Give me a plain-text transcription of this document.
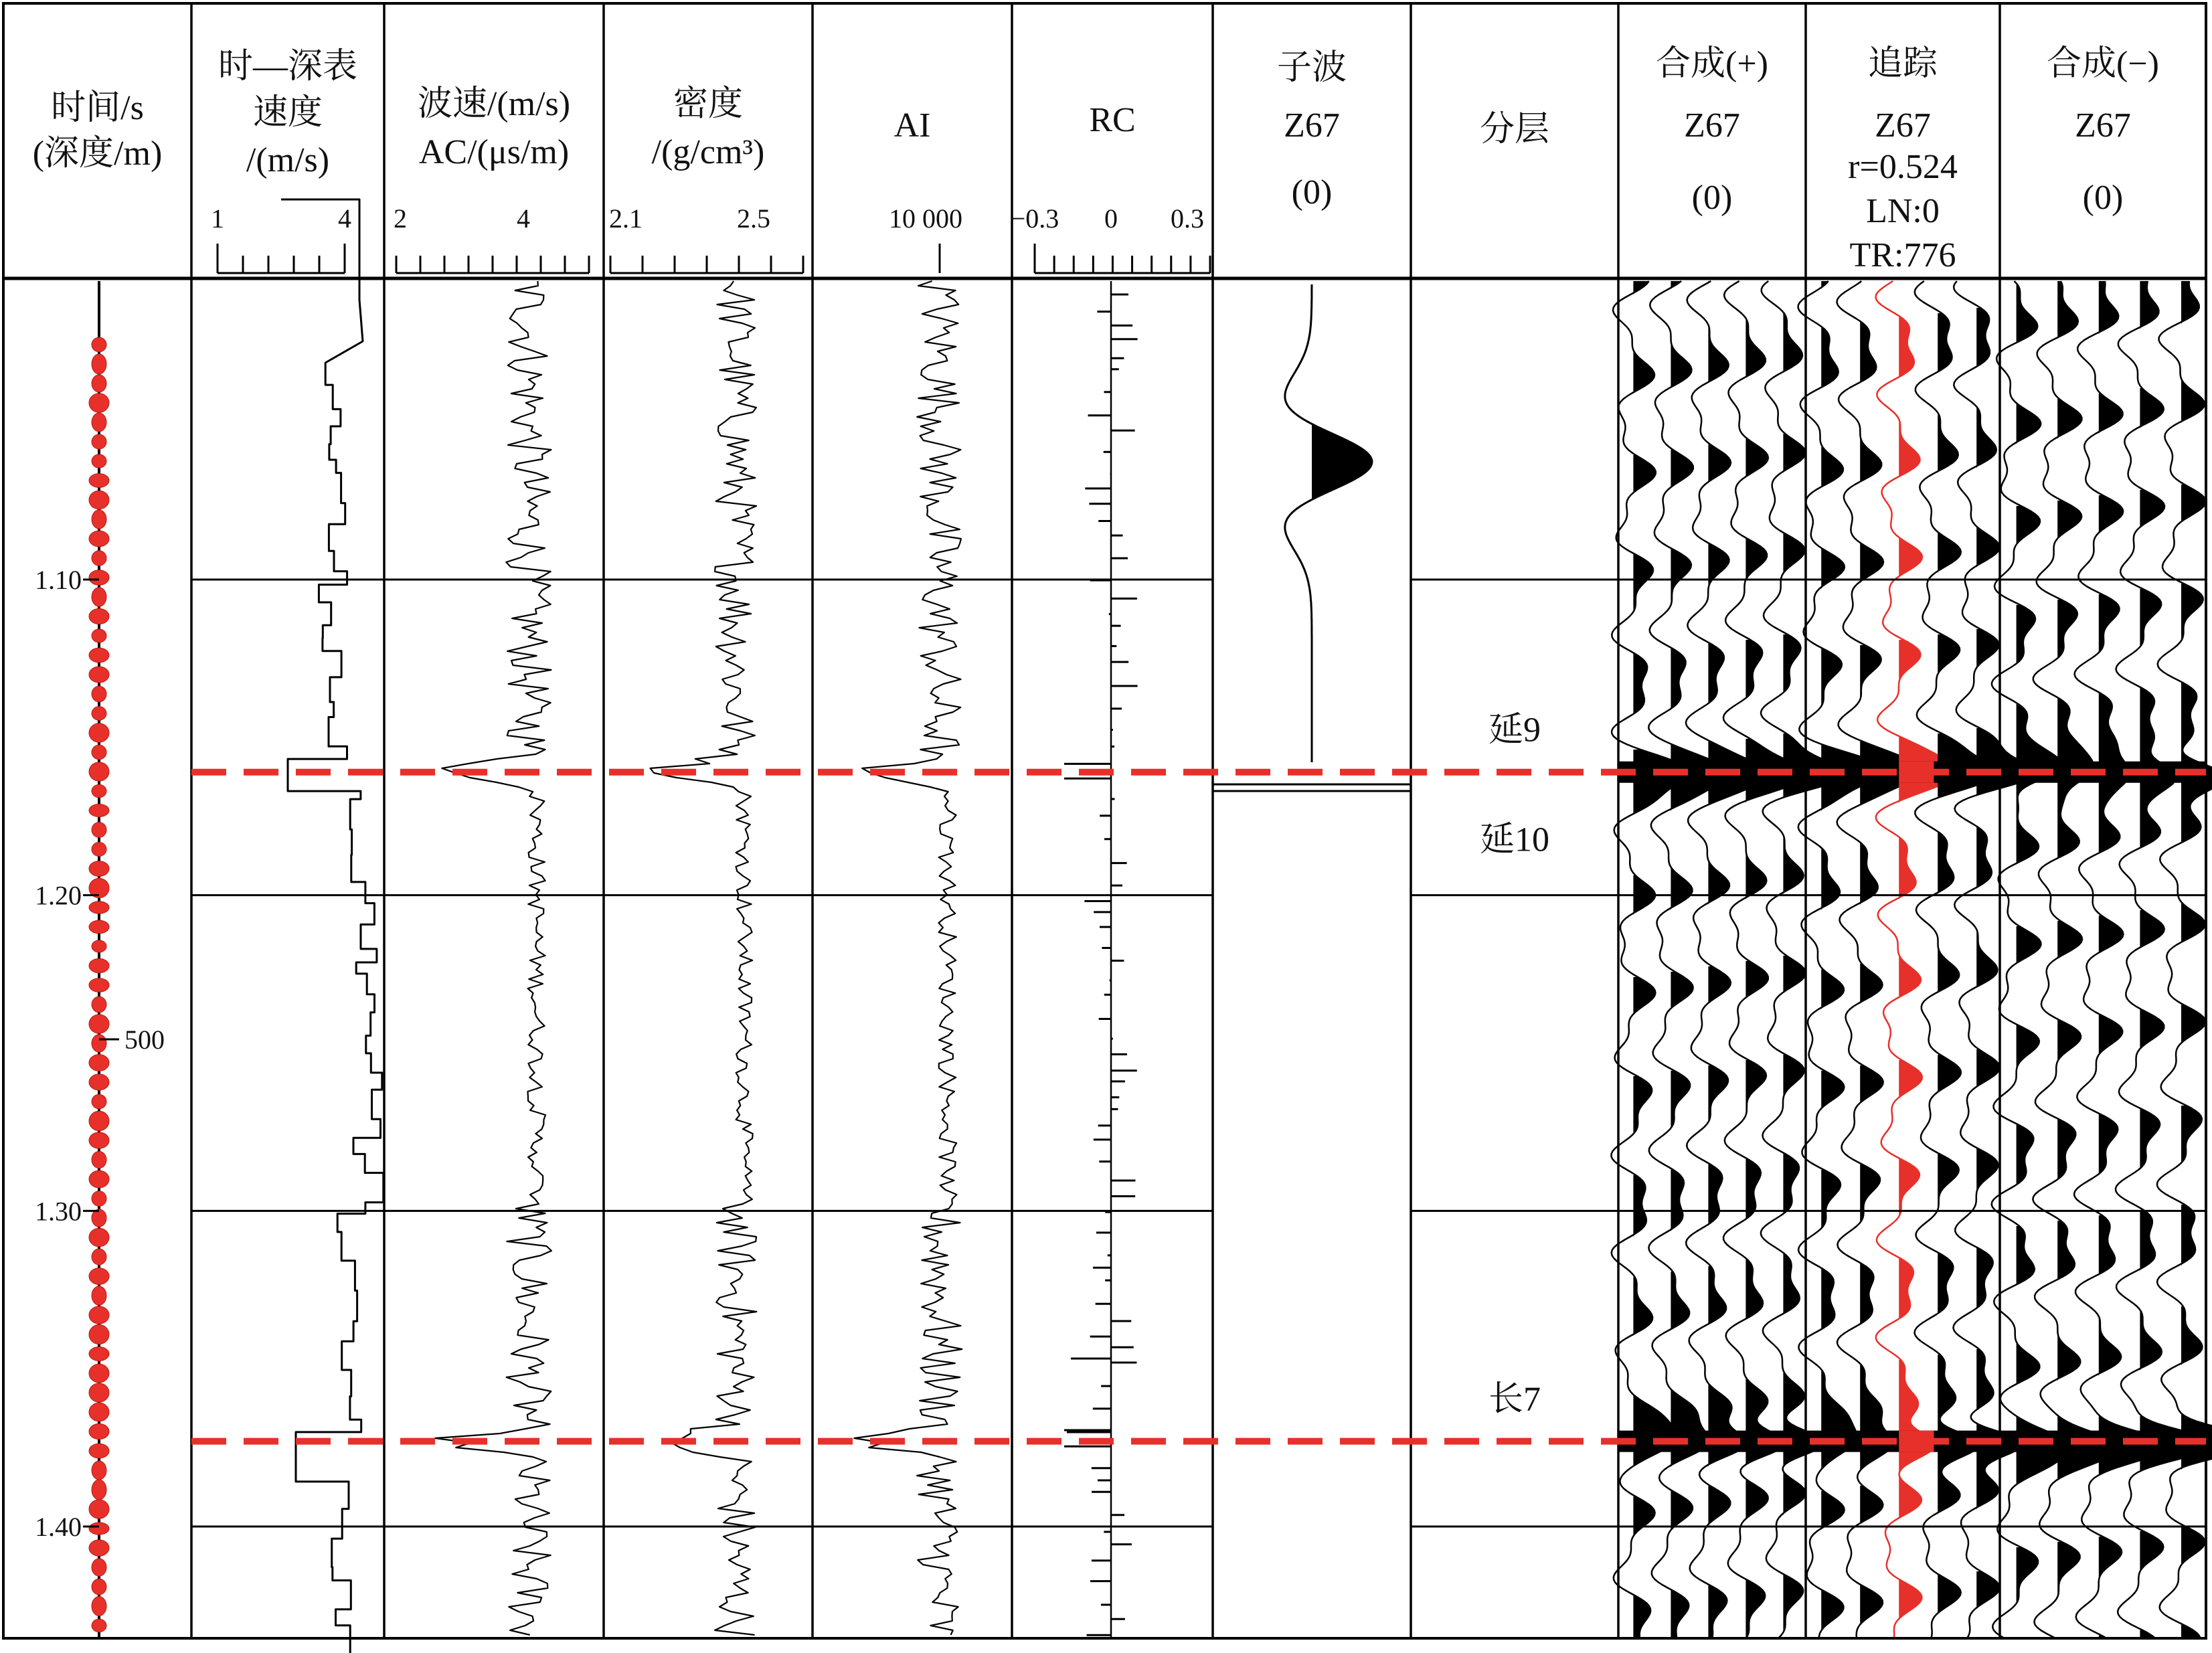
时间/s
(深度/m)
时—深表
速度
/(m/s)
波速/(m/s)
AC/(μs/m)
密度
/(g/cm³)
AI	RC
子波
Z67
(0)
分层
合成(+)
Z67
(0)
追踪
Z67
合成(−)
Z67
(0)
r=0.524
LN:0
TR:776
1	4 2	4	2.1	2.5	10 000 −0.3 0 0.3
1.10
1.20
1.30
1.40
500
延9
延10
长7
